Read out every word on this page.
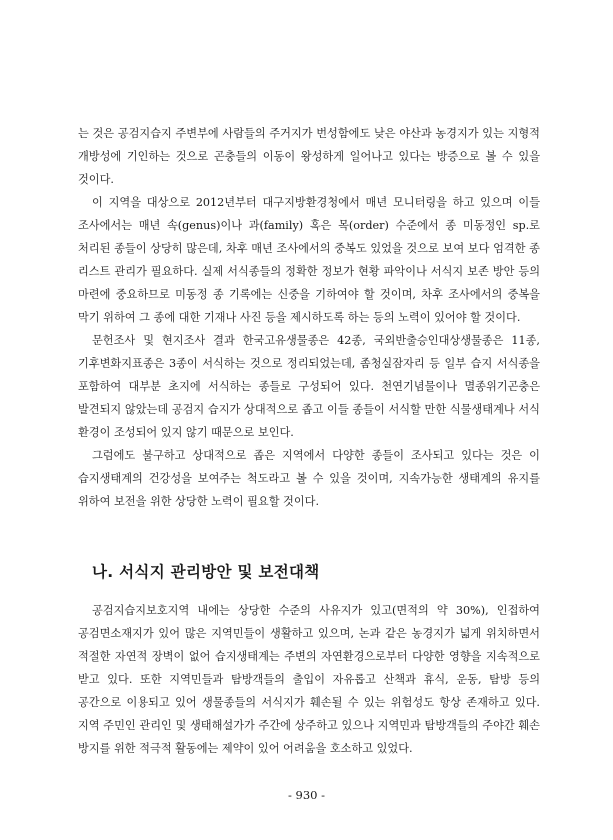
는 것은 공검지습지 주변부에 사람들의 주거지가 번성함에도 낮은 야산과 농경지가 있는 지형적 개방성에 기인하는 것으로 곤충들의 이동이 왕성하게 일어나고 있다는 방증으로 볼 수 있을 것이다.

이 지역을 대상으로 2012년부터 대구지방환경청에서 매년 모니터링을 하고 있으며 이들 조사에서는 매년 속(genus)이나 과(family) 혹은 목(order) 수준에서 종 미동정인 sp.로 처리된 종들이 상당히 많은데, 차후 매년 조사에서의 중복도 있었을 것으로 보여 보다 엄격한 종 리스트 관리가 필요하다. 실제 서식종들의 정확한 정보가 현황 파악이나 서식지 보존 방안 등의 마련에 중요하므로 미동정 종 기록에는 신중을 기하여야 할 것이며, 차후 조사에서의 중복을 막기 위하여 그 종에 대한 기재나 사진 등을 제시하도록 하는 등의 노력이 있어야 할 것이다.

문헌조사 및 현지조사 결과 한국고유생물종은 42종, 국외반출승인대상생물종은 11종, 기후변화지표종은 3종이 서식하는 것으로 정리되었는데, 좀청실잠자리 등 일부 습지 서식종을 포함하여 대부분 초지에 서식하는 종들로 구성되어 있다. 천연기념물이나 멸종위기곤충은 발견되지 않았는데 공검지 습지가 상대적으로 좁고 이들 종들이 서식할 만한 식물생태계나 서식 환경이 조성되어 있지 않기 때문으로 보인다.

그럼에도 불구하고 상대적으로 좁은 지역에서 다양한 종들이 조사되고 있다는 것은 이 습지생태계의 건강성을 보여주는 척도라고 볼 수 있을 것이며, 지속가능한 생태계의 유지를 위하여 보전을 위한 상당한 노력이 필요할 것이다.

나. 서식지 관리방안 및 보전대책

공검지습지보호지역 내에는 상당한 수준의 사유지가 있고(면적의 약 30%), 인접하여 공검면소재지가 있어 많은 지역민들이 생활하고 있으며, 논과 같은 농경지가 넓게 위치하면서 적절한 자연적 장벽이 없어 습지생태계는 주변의 자연환경으로부터 다양한 영향을 지속적으로 받고 있다. 또한 지역민들과 탐방객들의 출입이 자유롭고 산책과 휴식, 운동, 탐방 등의 공간으로 이용되고 있어 생물종들의 서식지가 훼손될 수 있는 위험성도 항상 존재하고 있다. 지역 주민인 관리인 및 생태해설가가 주간에 상주하고 있으나 지역민과 탐방객들의 주야간 훼손 방지를 위한 적극적 활동에는 제약이 있어 어려움을 호소하고 있었다.

- 930 -
